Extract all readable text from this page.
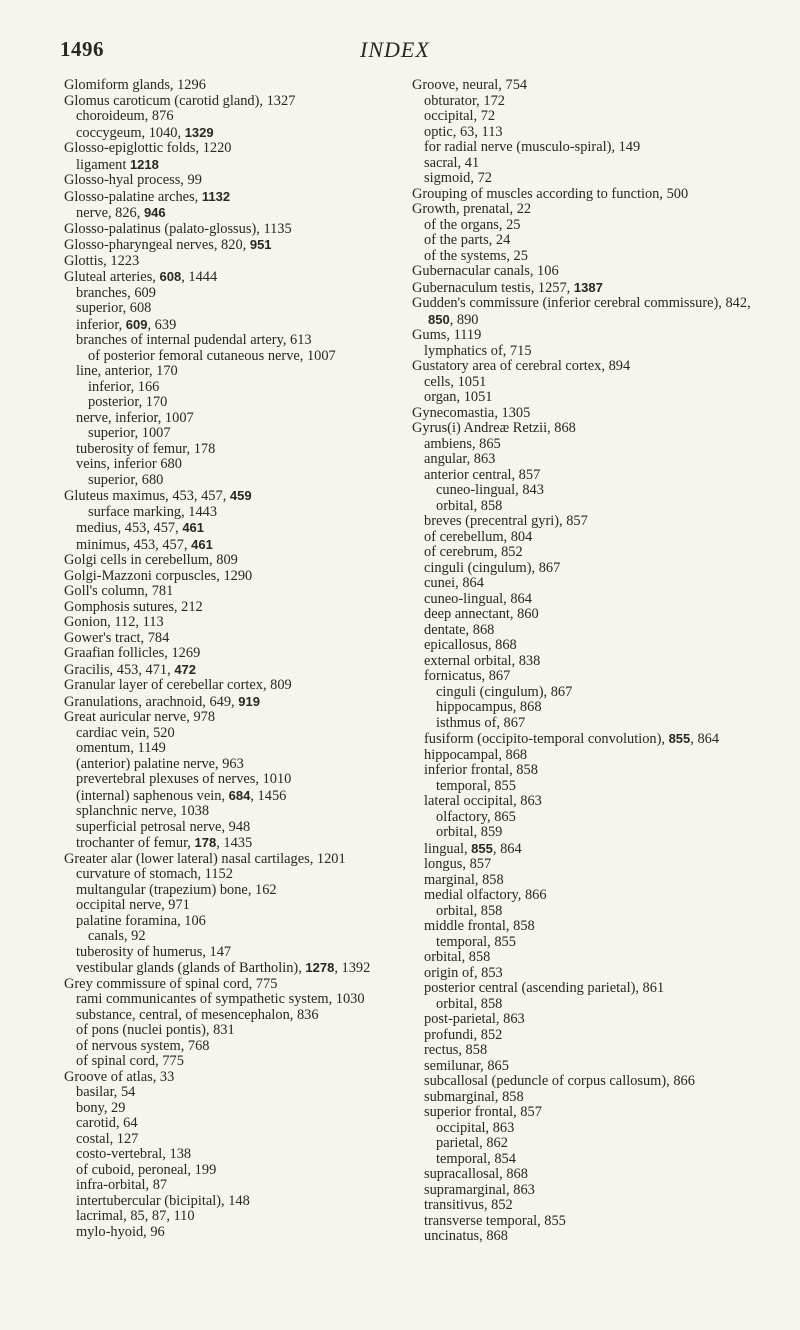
1496	INDEX
Glomiform glands, 1296
Glomus caroticum (carotid gland), 1327
choroideum, 876
coccygeum, 1040, 1329
Glosso-epiglottic folds, 1220
ligament 1218
Glosso-hyal process, 99
Glosso-palatine arches, 1132
nerve, 826, 946
Glosso-palatinus (palato-glossus), 1135
Glosso-pharyngeal nerves, 820, 951
Glottis, 1223
Gluteal arteries, 608, 1444
branches, 609
superior, 608
inferior, 609, 639
branches of internal pudendal artery, 613
of posterior femoral cutaneous nerve, 1007
line, anterior, 170
inferior, 166
posterior, 170
nerve, inferior, 1007
superior, 1007
tuberosity of femur, 178
veins, inferior 680
superior, 680
Gluteus maximus, 453, 457, 459
surface marking, 1443
medius, 453, 457, 461
minimus, 453, 457, 461
Golgi cells in cerebellum, 809
Golgi-Mazzoni corpuscles, 1290
Goll's column, 781
Gomphosis sutures, 212
Gonion, 112, 113
Gower's tract, 784
Graafian follicles, 1269
Gracilis, 453, 471, 472
Granular layer of cerebellar cortex, 809
Granulations, arachnoid, 649, 919
Great auricular nerve, 978
cardiac vein, 520
omentum, 1149
(anterior) palatine nerve, 963
prevertebral plexuses of nerves, 1010
(internal) saphenous vein, 684, 1456
splanchnic nerve, 1038
superficial petrosal nerve, 948
trochanter of femur, 178, 1435
Greater alar (lower lateral) nasal cartilages, 1201
curvature of stomach, 1152
multangular (trapezium) bone, 162
occipital nerve, 971
palatine foramina, 106
canals, 92
tuberosity of humerus, 147
vestibular glands (glands of Bartholin), 1278, 1392
Grey commissure of spinal cord, 775
rami communicantes of sympathetic system, 1030
substance, central, of mesencephalon, 836
of pons (nuclei pontis), 831
of nervous system, 768
of spinal cord, 775
Groove of atlas, 33
basilar, 54
bony, 29
carotid, 64
costal, 127
costo-vertebral, 138
of cuboid, peroneal, 199
infra-orbital, 87
intertubercular (bicipital), 148
lacrimal, 85, 87, 110
mylo-hyoid, 96
Groove, neural, 754
obturator, 172
occipital, 72
optic, 63, 113
for radial nerve (musculo-spiral), 149
sacral, 41
sigmoid, 72
Grouping of muscles according to function, 500
Growth, prenatal, 22
of the organs, 25
of the parts, 24
of the systems, 25
Gubernacular canals, 106
Gubernaculum testis, 1257, 1387
Gudden's commissure (inferior cerebral commissure), 842, 850, 890
Gums, 1119
lymphatics of, 715
Gustatory area of cerebral cortex, 894
cells, 1051
organ, 1051
Gynecomastia, 1305
Gyrus(i) Andreæ Retzii, 868
ambiens, 865
angular, 863
anterior central, 857
cuneo-lingual, 843
orbital, 858
breves (precentral gyri), 857
of cerebellum, 804
of cerebrum, 852
cinguli (cingulum), 867
cunei, 864
cuneo-lingual, 864
deep annectant, 860
dentate, 868
epicallosus, 868
external orbital, 838
fornicatus, 867
cinguli (cingulum), 867
hippocampus, 868
isthmus of, 867
fusiform (occipito-temporal convolution), 855, 864
hippocampal, 868
inferior frontal, 858
temporal, 855
lateral occipital, 863
olfactory, 865
orbital, 859
lingual, 855, 864
longus, 857
marginal, 858
medial olfactory, 866
orbital, 858
middle frontal, 858
temporal, 855
orbital, 858
origin of, 853
posterior central (ascending parietal), 861
orbital, 858
post-parietal, 863
profundi, 852
rectus, 858
semilunar, 865
subcallosal (peduncle of corpus callosum), 866
submarginal, 858
superior frontal, 857
occipital, 863
parietal, 862
temporal, 854
supracallosal, 868
supramarginal, 863
transitivus, 852
transverse temporal, 855
uncinatus, 868
